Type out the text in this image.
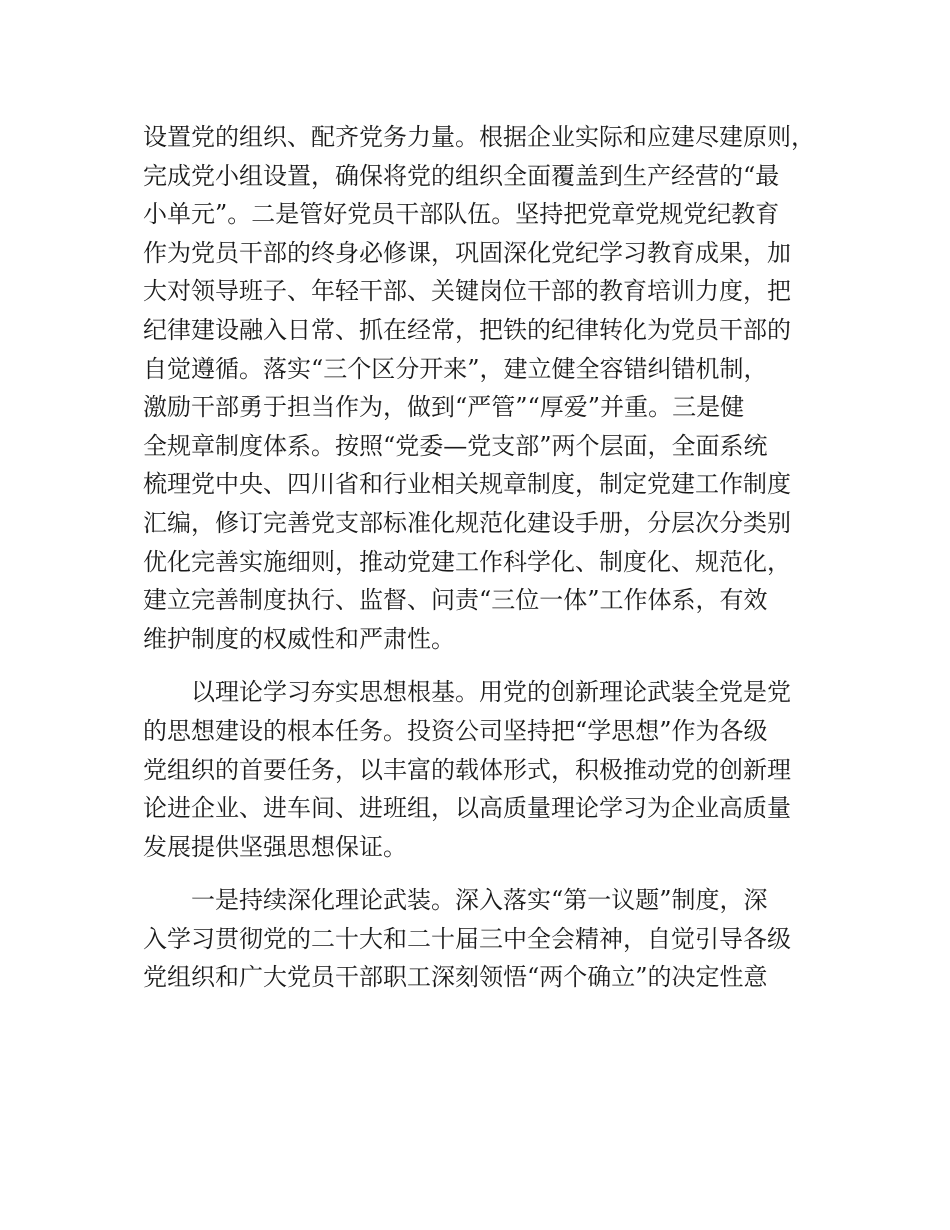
设置党的组织、配齐党务力量。根据企业实际和应建尽建原则，
完成党小组设置，确保将党的组织全面覆盖到生产经营的“最
小单元”。二是管好党员干部队伍。坚持把党章党规党纪教育
作为党员干部的终身必修课，巩固深化党纪学习教育成果，加
大对领导班子、年轻干部、关键岗位干部的教育培训力度，把
纪律建设融入日常、抓在经常，把铁的纪律转化为党员干部的
自觉遵循。落实“三个区分开来”，建立健全容错纠错机制，
激励干部勇于担当作为，做到“严管”“厚爱”并重。三是健
全规章制度体系。按照“党委—党支部”两个层面，全面系统
梳理党中央、四川省和行业相关规章制度，制定党建工作制度
汇编，修订完善党支部标准化规范化建设手册，分层次分类别
优化完善实施细则，推动党建工作科学化、制度化、规范化，
建立完善制度执行、监督、问责“三位一体”工作体系，有效
维护制度的权威性和严肃性。
　　以理论学习夯实思想根基。用党的创新理论武装全党是党
的思想建设的根本任务。投资公司坚持把“学思想”作为各级
党组织的首要任务，以丰富的载体形式，积极推动党的创新理
论进企业、进车间、进班组，以高质量理论学习为企业高质量
发展提供坚强思想保证。
　　一是持续深化理论武装。深入落实“第一议题”制度，深
入学习贯彻党的二十大和二十届三中全会精神，自觉引导各级
党组织和广大党员干部职工深刻领悟“两个确立”的决定性意
